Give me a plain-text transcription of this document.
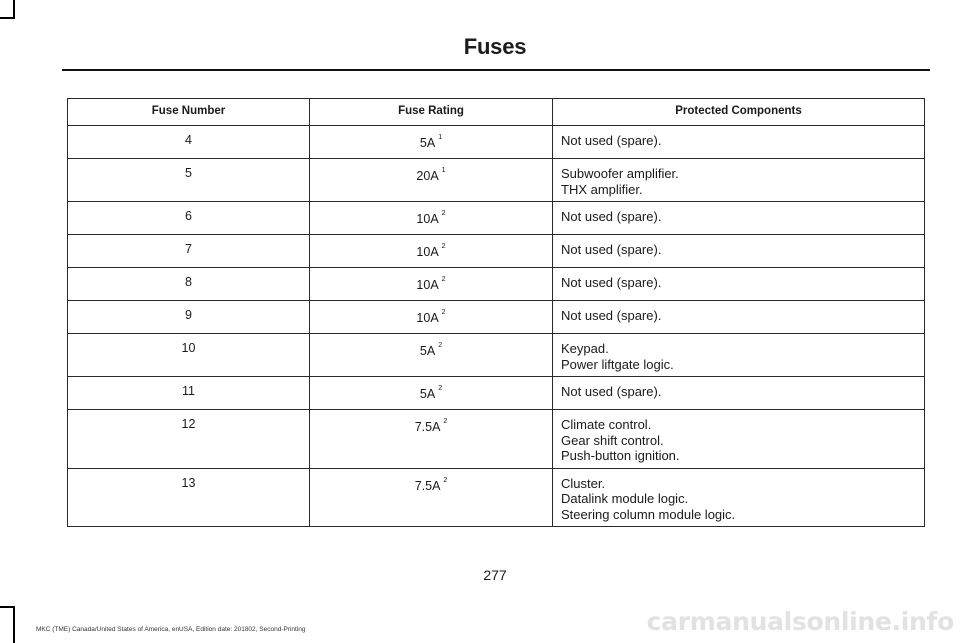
Fuses
Fuse Number	Fuse Rating	Protected Components
4	5A $^1$	Not used (spare).

5	20A $^1$	Subwoofer amplifier.
THX amplifier.

6	10A $^2$	Not used (spare).

7	10A $^2$	Not used (spare).

8	10A $^2$	Not used (spare).

9	10A $^2$	Not used (spare).

10	5A $^2$	Keypad.
Power liftgate logic.

11	5A $^2$	Not used (spare).

12	7.5A $^2$	Climate control.
Gear shift control.
Push-button ignition.

13	7.5A $^2$	Cluster.
Datalink module logic.
Steering column module logic.
277
MKC (TME) Canada/United States of America, enUSA, Edition date: 201802, Second-Printing	carmanualsonline.info
